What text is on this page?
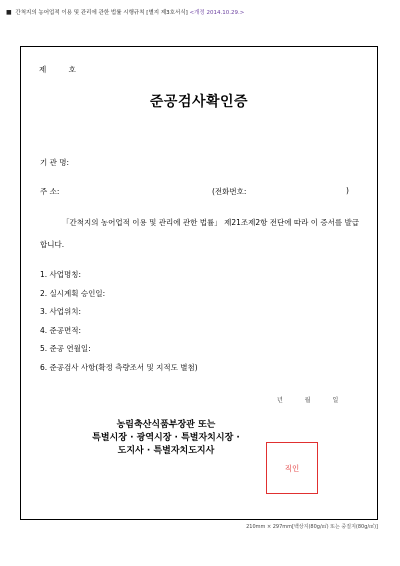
■ 간척지의 농어업적 이용 및 관리에 관한 법률 시행규칙 [별지 제3호서식] <개정 2014.10.29.>
제	호
준공검사확인증
기 관 명:
주 소:	(전화번호:	)
「간척지의 농어업적 이용 및 관리에 관한 법률」 제21조제2항 전단에 따라 이 증서를 발급합니다.
1. 사업명칭:
2. 실시계획 승인일:
3. 사업위치:
4. 준공면적:
5. 준공 연월일:
6. 준공검사 사항(확정 측량조서 및 지적도 별첨)
년	월	일
농림축산식품부장관 또는
특별시장 · 광역시장 · 특별자치시장 ·
도지사 · 특별자치도지사
직인
210mm × 297mm[백상지(80g/㎡) 또는 중질지(80g/㎡)]
